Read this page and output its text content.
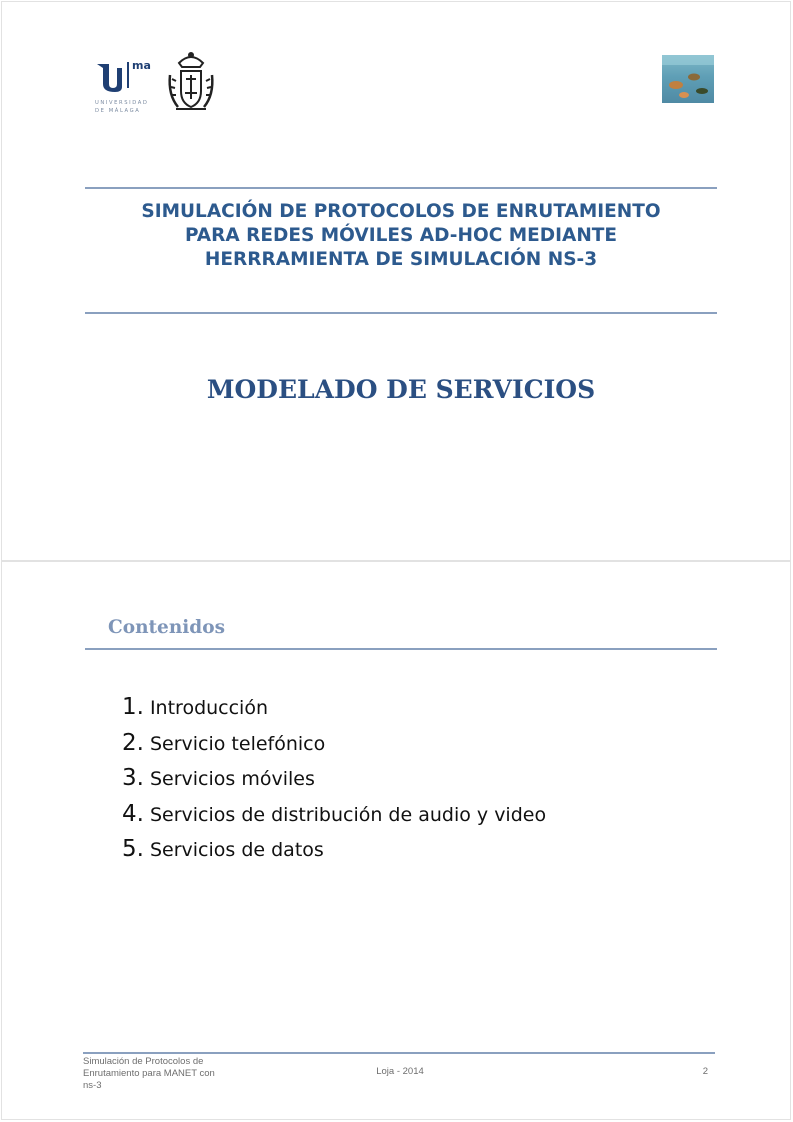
ma
UNIVERSIDAD
DE MÁLAGA
SIMULACIÓN DE PROTOCOLOS DE ENRUTAMIENTO
PARA REDES MÓVILES AD-HOC MEDIANTE
HERRRAMIENTA DE SIMULACIÓN NS-3
MODELADO DE SERVICIOS
Contenidos
1. Introducción
2. Servicio telefónico
3. Servicios móviles
4. Servicios de distribución de audio y video
5. Servicios de datos

Simulación de Protocolos de
Enrutamiento para MANET con
ns-3

Loja - 2014	2
